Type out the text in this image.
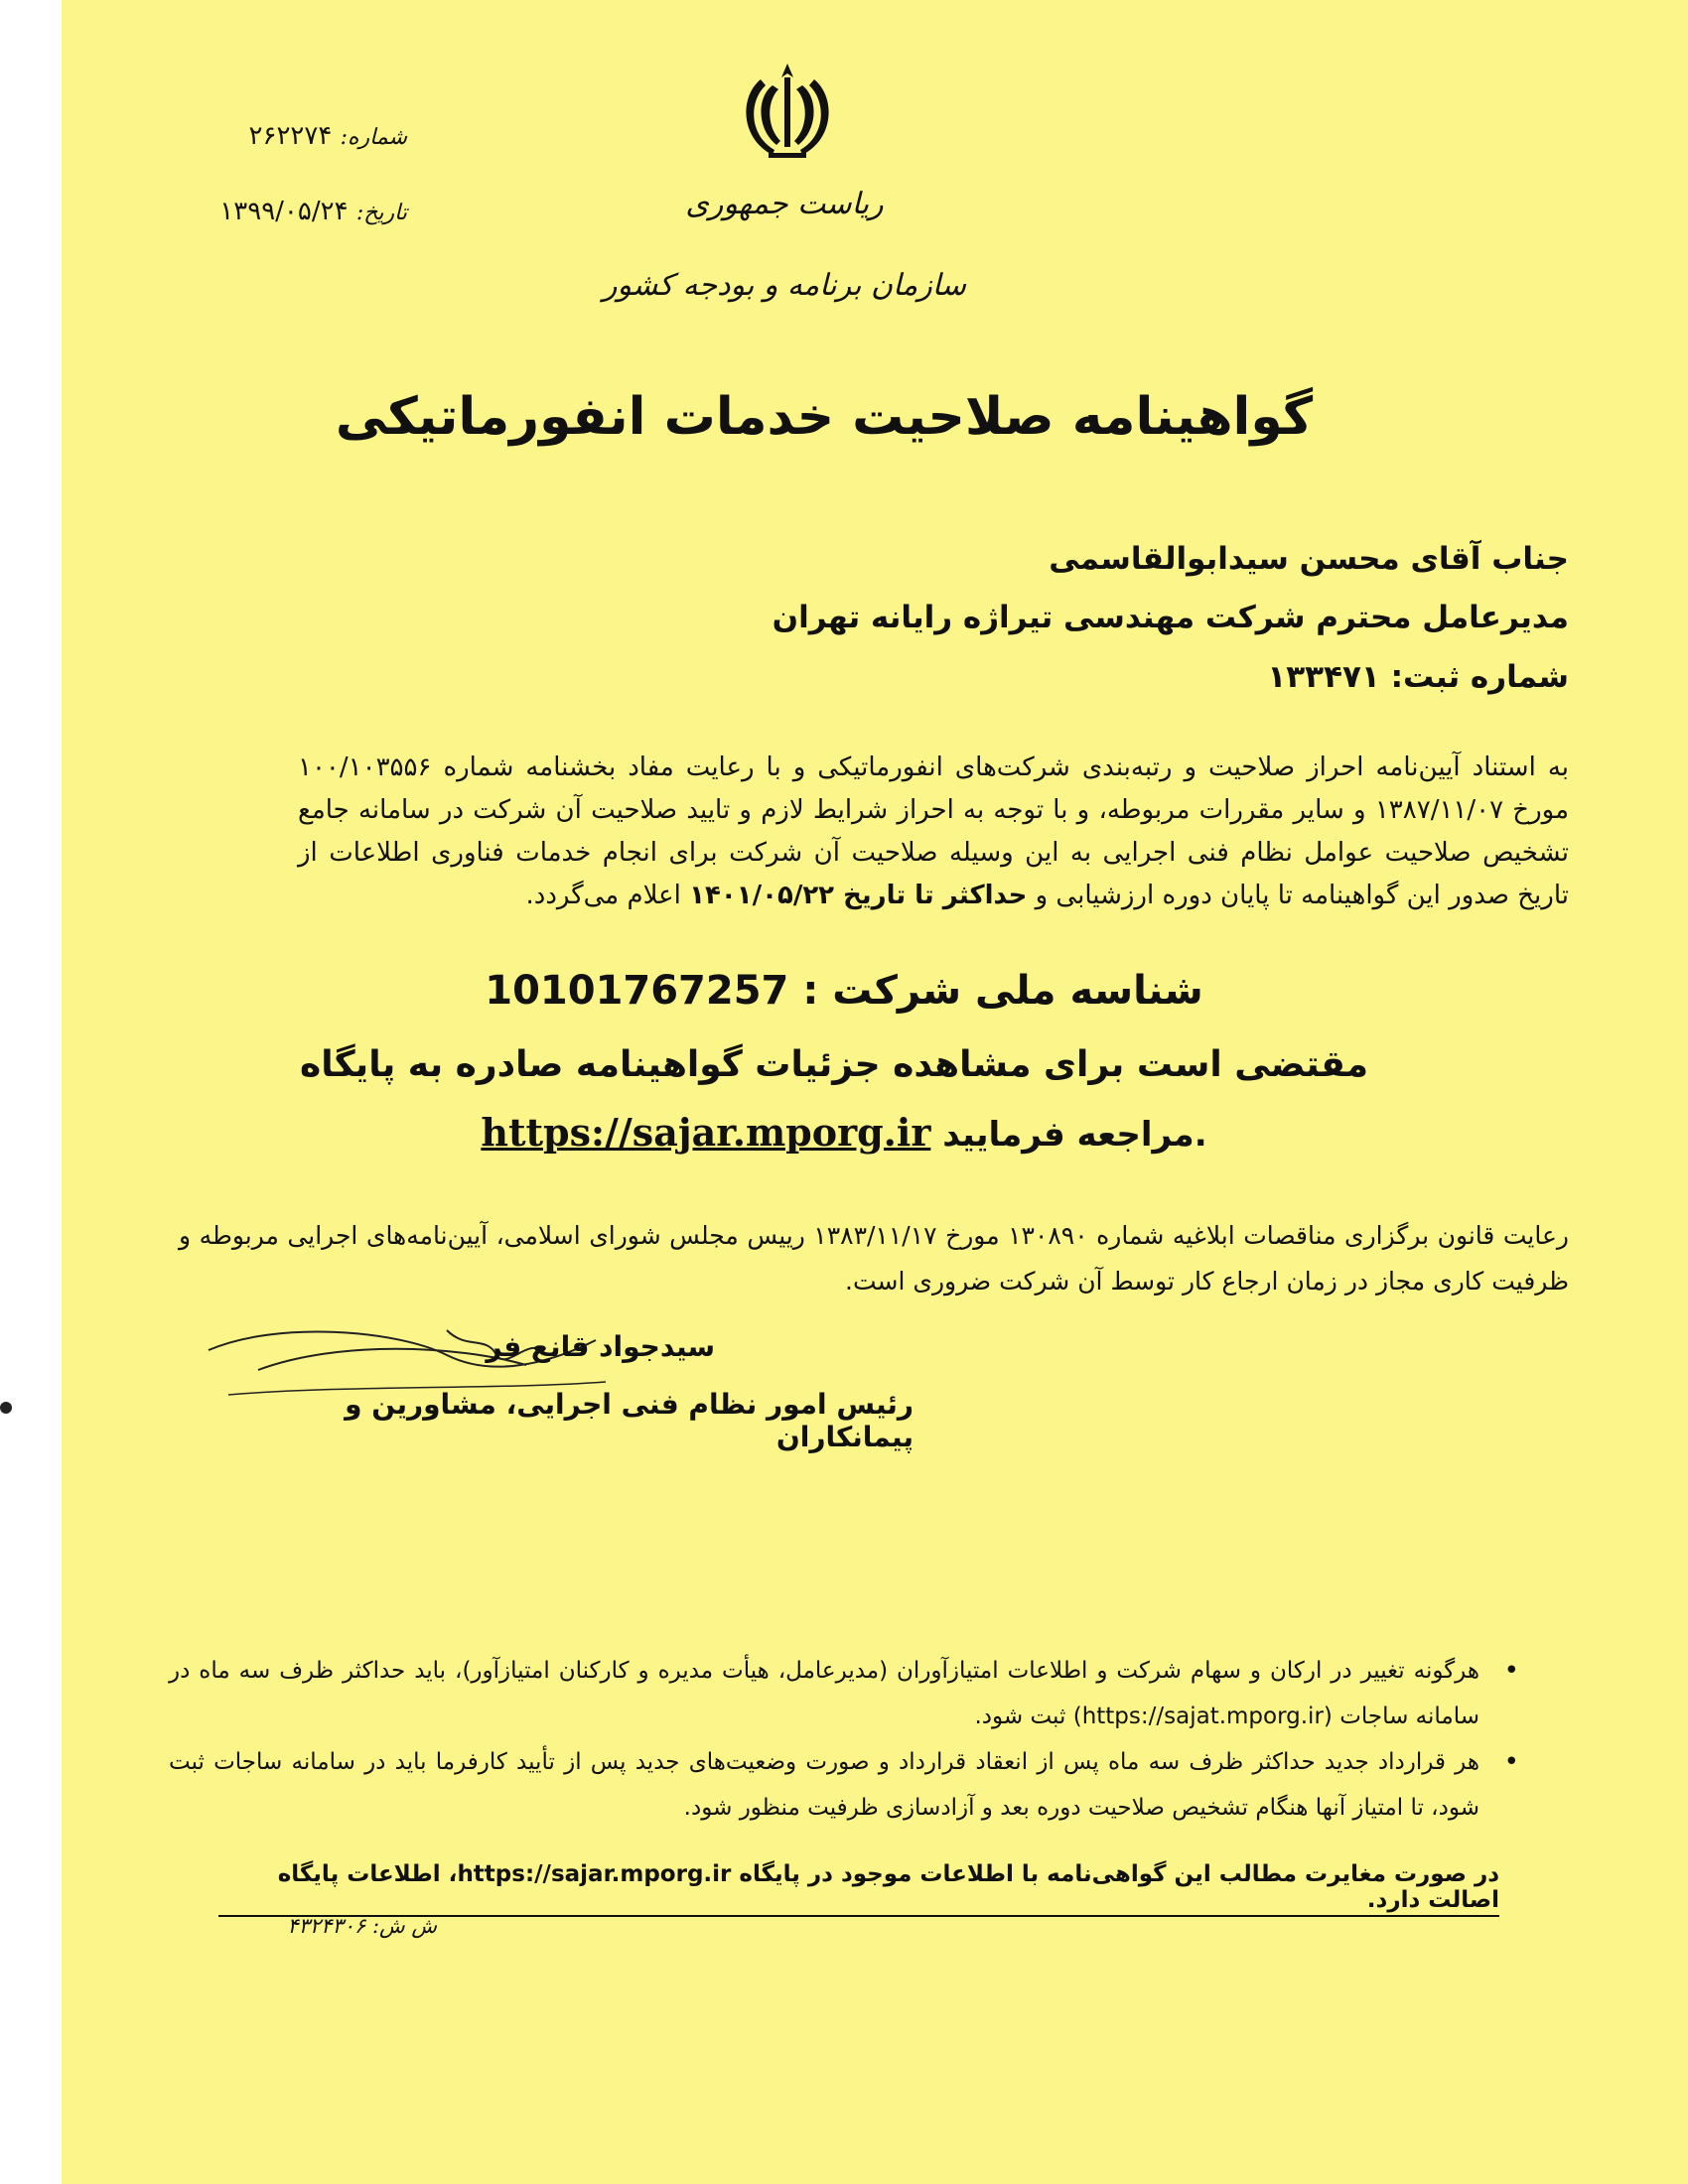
ریاست جمهوری
سازمان برنامه و بودجه کشور
شماره: ۲۶۲۲۷۴
تاریخ: ۱۳۹۹/۰۵/۲۴
گواهینامه صلاحیت خدمات انفورماتیکی
جناب آقای محسن سیدابوالقاسمی
مدیرعامل محترم شرکت مهندسی تیراژه رایانه تهران
شماره ثبت: ۱۳۳۴۷۱
به استناد آیین‌نامه احراز صلاحیت و رتبه‌بندی شرکت‌های انفورماتیکی و با رعایت مفاد بخشنامه شماره ۱۰۰/۱۰۳۵۵۶ مورخ ۱۳۸۷/۱۱/۰۷ و سایر مقررات مربوطه، و با توجه به احراز شرایط لازم و تایید صلاحیت آن شرکت در سامانه جامع تشخیص صلاحیت عوامل نظام فنی اجرایی به این وسیله صلاحیت آن شرکت برای انجام خدمات فناوری اطلاعات از تاریخ صدور این گواهینامه تا پایان دوره ارزشیابی و حداکثر تا تاریخ ۱۴۰۱/۰۵/۲۲ اعلام می‌گردد.
شناسه ملی شرکت : 10101767257
مقتضی است برای مشاهده جزئیات گواهینامه صادره به پایگاه
https://sajar.mporg.ir مراجعه فرمایید.
رعایت قانون برگزاری مناقصات ابلاغیه شماره ۱۳۰۸۹۰ مورخ ۱۳۸۳/۱۱/۱۷ رییس مجلس شورای اسلامی، آیین‌نامه‌های اجرایی مربوطه و ظرفیت کاری مجاز در زمان ارجاع کار توسط آن شرکت ضروری است.
سیدجواد قانع فر
رئیس امور نظام فنی اجرایی، مشاورین و پیمانکاران
•
هرگونه تغییر در ارکان و سهام شرکت و اطلاعات امتیازآوران (مدیرعامل، هیأت مدیره و کارکنان امتیازآور)، باید حداکثر ظرف سه ماه در سامانه ساجات (https://sajat.mporg.ir) ثبت شود.
•
هر قرارداد جدید حداکثر ظرف سه ماه پس از انعقاد قرارداد و صورت وضعیت‌های جدید پس از تأیید کارفرما باید در سامانه ساجات ثبت شود، تا امتیاز آنها هنگام تشخیص صلاحیت دوره بعد و آزادسازی ظرفیت منظور شود.
در صورت مغایرت مطالب این گواهی‌نامه با اطلاعات موجود در پایگاه https://sajar.mporg.ir، اطلاعات پایگاه اصالت دارد.
ش ش: ۴۳۲۴۳۰۶
